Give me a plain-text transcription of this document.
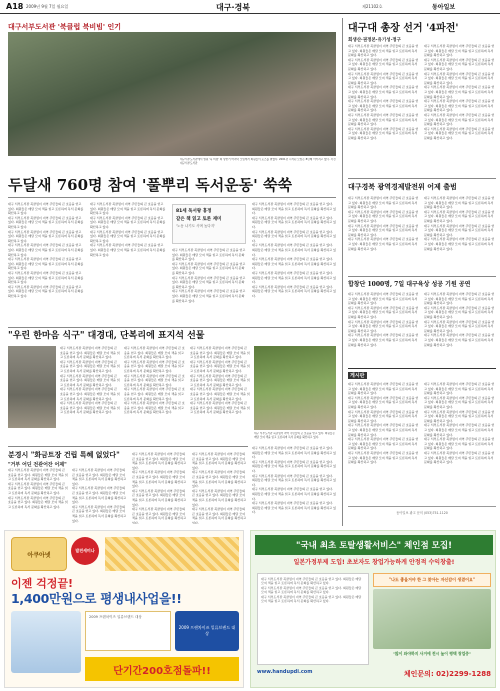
A18 2009년 9월 7일 월요일	대구·경북	제21102호	동아일보
대구서부도서관 '북클럽 북비빔' 인기
대구서부도서관에서 열린 '북 비빔' 회 상반기 마지막 모임에서 회원들이 포즈를 취했다. 2001년 시작된 모임은 8년째 이어지고 있다. 사진 대구서부도서관
두달새 760명 참여 '풀뿌리 독서운동' 쑥쑥
대구 서부도서관 북클럽이 지역 주민들의 큰 호응을 얻고 있다. 회원들은 매달 모여 책을 읽고 토론하며 독서 문화를 확산하고 있다.
대구 서부도서관 북클럽이 지역 주민들의 큰 호응을 얻고 있다. 회원들은 매달 모여 책을 읽고 토론하며 독서 문화를 확산하고 있다.
대구 서부도서관 북클럽이 지역 주민들의 큰 호응을 얻고 있다. 회원들은 매달 모여 책을 읽고 토론하며 독서 문화를 확산하고 있다.
대구 서부도서관 북클럽이 지역 주민들의 큰 호응을 얻고 있다. 회원들은 매달 모여 책을 읽고 토론하며 독서 문화를 확산하고 있다.
대구 서부도서관 북클럽이 지역 주민들의 큰 호응을 얻고 있다. 회원들은 매달 모여 책을 읽고 토론하며 독서 문화를 확산하고 있다.
대구 서부도서관 북클럽이 지역 주민들의 큰 호응을 얻고 있다. 회원들은 매달 모여 책을 읽고 토론하며 독서 문화를 확산하고 있다.
대구 서부도서관 북클럽이 지역 주민들의 큰 호응을 얻고 있다. 회원들은 매달 모여 책을 읽고 토론하며 독서 문화를 확산하고 있다.
대구 서부도서관 북클럽이 지역 주민들의 큰 호응을 얻고 있다. 회원들은 매달 모여 책을 읽고 토론하며 독서 문화를 확산하고 있다.
대구 서부도서관 북클럽이 지역 주민들의 큰 호응을 얻고 있다. 회원들은 매달 모여 책을 읽고 토론하며 독서 문화를 확산하고 있다.
대구 서부도서관 북클럽이 지역 주민들의 큰 호응을 얻고 있다. 회원들은 매달 모여 책을 읽고 토론하며 독서 문화를 확산하고 있다.
대구 서부도서관 북클럽이 지역 주민들의 큰 호응을 얻고 있다. 회원들은 매달 모여 책을 읽고 토론하며 독서 문화를 확산하고 있다.
81세 독서왕 홍정
같은 책 읽고 토론 재미
'노동 나기도 사며 높다지'
대구 서부도서관 북클럽이 지역 주민들의 큰 호응을 얻고 있다. 회원들은 매달 모여 책을 읽고 토론하며 독서 문화를 확산하고 있다.
대구 서부도서관 북클럽이 지역 주민들의 큰 호응을 얻고 있다. 회원들은 매달 모여 책을 읽고 토론하며 독서 문화를 확산하고 있다.
대구 서부도서관 북클럽이 지역 주민들의 큰 호응을 얻고 있다. 회원들은 매달 모여 책을 읽고 토론하며 독서 문화를 확산하고 있다.
대구 서부도서관 북클럽이 지역 주민들의 큰 호응을 얻고 있다. 회원들은 매달 모여 책을 읽고 토론하며 독서 문화를 확산하고 있다.
대구 서부도서관 북클럽이 지역 주민들의 큰 호응을 얻고 있다. 회원들은 매달 모여 책을 읽고 토론하며 독서 문화를 확산하고 있다.
대구 서부도서관 북클럽이 지역 주민들의 큰 호응을 얻고 있다. 회원들은 매달 모여 책을 읽고 토론하며 독서 문화를 확산하고 있다.
대구 서부도서관 북클럽이 지역 주민들의 큰 호응을 얻고 있다. 회원들은 매달 모여 책을 읽고 토론하며 독서 문화를 확산하고 있다.
대구 서부도서관 북클럽이 지역 주민들의 큰 호응을 얻고 있다. 회원들은 매달 모여 책을 읽고 토론하며 독서 문화를 확산하고 있다.
대구 서부도서관 북클럽이 지역 주민들의 큰 호응을 얻고 있다. 회원들은 매달 모여 책을 읽고 토론하며 독서 문화를 확산하고 있다.
대구 서부도서관 북클럽이 지역 주민들의 큰 호응을 얻고 있다. 회원들은 매달 모여 책을 읽고 토론하며 독서 문화를 확산하고 있다.
대구 서부도서관 북클럽이 지역 주민들의 큰 호응을 얻고 있다. 회원들은 매달 모여 책을 읽고 토론하며 독서 문화를 확산하고 있다.
"우린 한마음 식구" 대경대, 단복리에 표지석 선물
대구 서부도서관 북클럽이 지역 주민들의 큰 호응을 얻고 있다. 회원들은 매달 모여 책을 읽고 토론하며 독서 문화를 확산하고 있다.
대구 서부도서관 북클럽이 지역 주민들의 큰 호응을 얻고 있다. 회원들은 매달 모여 책을 읽고 토론하며 독서 문화를 확산하고 있다.
대구 서부도서관 북클럽이 지역 주민들의 큰 호응을 얻고 있다. 회원들은 매달 모여 책을 읽고 토론하며 독서 문화를 확산하고 있다.
대구 서부도서관 북클럽이 지역 주민들의 큰 호응을 얻고 있다. 회원들은 매달 모여 책을 읽고 토론하며 독서 문화를 확산하고 있다.
대구 서부도서관 북클럽이 지역 주민들의 큰 호응을 얻고 있다. 회원들은 매달 모여 책을 읽고 토론하며 독서 문화를 확산하고 있다.
대구 서부도서관 북클럽이 지역 주민들의 큰 호응을 얻고 있다. 회원들은 매달 모여 책을 읽고 토론하며 독서 문화를 확산하고 있다.
대구 서부도서관 북클럽이 지역 주민들의 큰 호응을 얻고 있다. 회원들은 매달 모여 책을 읽고 토론하며 독서 문화를 확산하고 있다.
대구 서부도서관 북클럽이 지역 주민들의 큰 호응을 얻고 있다. 회원들은 매달 모여 책을 읽고 토론하며 독서 문화를 확산하고 있다.
대구 서부도서관 북클럽이 지역 주민들의 큰 호응을 얻고 있다. 회원들은 매달 모여 책을 읽고 토론하며 독서 문화를 확산하고 있다.
대구 서부도서관 북클럽이 지역 주민들의 큰 호응을 얻고 있다. 회원들은 매달 모여 책을 읽고 토론하며 독서 문화를 확산하고 있다.
대구 서부도서관 북클럽이 지역 주민들의 큰 호응을 얻고 있다. 회원들은 매달 모여 책을 읽고 토론하며 독서 문화를 확산하고 있다.
대구 서부도서관 북클럽이 지역 주민들의 큰 호응을 얻고 있다. 회원들은 매달 모여 책을 읽고 토론하며 독서 문화를 확산하고 있다.
대구 서부도서관 북클럽이 지역 주민들의 큰 호응을 얻고 있다. 회원들은 매달 모여 책을 읽고 토론하며 독서 문화를 확산하고 있다.
대구 서부도서관 북클럽이 지역 주민들의 큰 호응을 얻고 있다. 회원들은 매달 모여 책을 읽고 토론하며 독서 문화를 확산하고 있다.
대구 서부도서관 북클럽이 지역 주민들의 큰 호응을 얻고 있다. 회원들은 매달 모여 책을 읽고 토론하며 독서 문화를 확산하고 있다.
대구 서부도서관 북클럽이 지역 주민들의 큰 호응을 얻고 있다. 회원들은 매달 모여 책을 읽고 토론하며 독서 문화를 확산하고 있다.
분경시 "화금트장 건립 특혜 없었다"
"거부 어딘 전관어잔 어제"
대구 서부도서관 북클럽이 지역 주민들의 큰 호응을 얻고 있다. 회원들은 매달 모여 책을 읽고 토론하며 독서 문화를 확산하고 있다.
대구 서부도서관 북클럽이 지역 주민들의 큰 호응을 얻고 있다. 회원들은 매달 모여 책을 읽고 토론하며 독서 문화를 확산하고 있다.
대구 서부도서관 북클럽이 지역 주민들의 큰 호응을 얻고 있다. 회원들은 매달 모여 책을 읽고 토론하며 독서 문화를 확산하고 있다.
대구 서부도서관 북클럽이 지역 주민들의 큰 호응을 얻고 있다. 회원들은 매달 모여 책을 읽고 토론하며 독서 문화를 확산하고 있다.
대구 서부도서관 북클럽이 지역 주민들의 큰 호응을 얻고 있다. 회원들은 매달 모여 책을 읽고 토론하며 독서 문화를 확산하고 있다.
대구 서부도서관 북클럽이 지역 주민들의 큰 호응을 얻고 있다. 회원들은 매달 모여 책을 읽고 토론하며 독서 문화를 확산하고 있다.
대구 서부도서관 북클럽이 지역 주민들의 큰 호응을 얻고 있다. 회원들은 매달 모여 책을 읽고 토론하며 독서 문화를 확산하고 있다.
대구 서부도서관 북클럽이 지역 주민들의 큰 호응을 얻고 있다. 회원들은 매달 모여 책을 읽고 토론하며 독서 문화를 확산하고 있다.
대구 서부도서관 북클럽이 지역 주민들의 큰 호응을 얻고 있다. 회원들은 매달 모여 책을 읽고 토론하며 독서 문화를 확산하고 있다.
대구 서부도서관 북클럽이 지역 주민들의 큰 호응을 얻고 있다. 회원들은 매달 모여 책을 읽고 토론하며 독서 문화를 확산하고 있다.
대구 서부도서관 북클럽이 지역 주민들의 큰 호응을 얻고 있다. 회원들은 매달 모여 책을 읽고 토론하며 독서 문화를 확산하고 있다.
대구 서부도서관 북클럽이 지역 주민들의 큰 호응을 얻고 있다. 회원들은 매달 모여 책을 읽고 토론하며 독서 문화를 확산하고 있다.
대구 서부도서관 북클럽이 지역 주민들의 큰 호응을 얻고 있다. 회원들은 매달 모여 책을 읽고 토론하며 독서 문화를 확산하고 있다.
대구 서부도서관 북클럽이 지역 주민들의 큰 호응을 얻고 있다. 회원들은 매달 모여 책을 읽고 토론하며 독서 문화를 확산하고 있다.
대구 서부도서관 북클럽이 지역 주민들의 큰 호응을 얻고 있다. 회원들은 매달 모여 책을 읽고 토론하며 독서 문화를 확산하고 있다.
대구 서부도서관 북클럽이 지역 주민들의 큰 호응을 얻고 있다. 회원들은 매달 모여 책을 읽고 토론하며 독서 문화를 확산하고 있다.
대구 서부도서관 북클럽이 지역 주민들의 큰 호응을 얻고 있다. 회원들은 매달 모여 책을 읽고 토론하며 독서 문화를 확산하고 있다.
대구 서부도서관 북클럽이 지역 주민들의 큰 호응을 얻고 있다. 회원들은 매달 모여 책을 읽고 토론하며 독서 문화를 확산하고 있다.
대구 서부도서관 북클럽이 지역 주민들의 큰 호응을 얻고 있다. 회원들은 매달 모여 책을 읽고 토론하며 독서 문화를 확산하고 있다.
대구대 총장 선거 '4파전'
회생산·권정본·유기성·정구
대구 서부도서관 북클럽이 지역 주민들의 큰 호응을 얻고 있다. 회원들은 매달 모여 책을 읽고 토론하며 독서 문화를 확산하고 있다.
대구 서부도서관 북클럽이 지역 주민들의 큰 호응을 얻고 있다. 회원들은 매달 모여 책을 읽고 토론하며 독서 문화를 확산하고 있다.
대구 서부도서관 북클럽이 지역 주민들의 큰 호응을 얻고 있다. 회원들은 매달 모여 책을 읽고 토론하며 독서 문화를 확산하고 있다.
대구 서부도서관 북클럽이 지역 주민들의 큰 호응을 얻고 있다. 회원들은 매달 모여 책을 읽고 토론하며 독서 문화를 확산하고 있다.
대구 서부도서관 북클럽이 지역 주민들의 큰 호응을 얻고 있다. 회원들은 매달 모여 책을 읽고 토론하며 독서 문화를 확산하고 있다.
대구 서부도서관 북클럽이 지역 주민들의 큰 호응을 얻고 있다. 회원들은 매달 모여 책을 읽고 토론하며 독서 문화를 확산하고 있다.
대구 서부도서관 북클럽이 지역 주민들의 큰 호응을 얻고 있다. 회원들은 매달 모여 책을 읽고 토론하며 독서 문화를 확산하고 있다.
대구 서부도서관 북클럽이 지역 주민들의 큰 호응을 얻고 있다. 회원들은 매달 모여 책을 읽고 토론하며 독서 문화를 확산하고 있다.
대구 서부도서관 북클럽이 지역 주민들의 큰 호응을 얻고 있다. 회원들은 매달 모여 책을 읽고 토론하며 독서 문화를 확산하고 있다.
대구 서부도서관 북클럽이 지역 주민들의 큰 호응을 얻고 있다. 회원들은 매달 모여 책을 읽고 토론하며 독서 문화를 확산하고 있다.
대구 서부도서관 북클럽이 지역 주민들의 큰 호응을 얻고 있다. 회원들은 매달 모여 책을 읽고 토론하며 독서 문화를 확산하고 있다.
대구 서부도서관 북클럽이 지역 주민들의 큰 호응을 얻고 있다. 회원들은 매달 모여 책을 읽고 토론하며 독서 문화를 확산하고 있다.
대구 서부도서관 북클럽이 지역 주민들의 큰 호응을 얻고 있다. 회원들은 매달 모여 책을 읽고 토론하며 독서 문화를 확산하고 있다.
대구 서부도서관 북클럽이 지역 주민들의 큰 호응을 얻고 있다. 회원들은 매달 모여 책을 읽고 토론하며 독서 문화를 확산하고 있다.
대구경북 광역경제발전위 어제 출범
대구 서부도서관 북클럽이 지역 주민들의 큰 호응을 얻고 있다. 회원들은 매달 모여 책을 읽고 토론하며 독서 문화를 확산하고 있다.
대구 서부도서관 북클럽이 지역 주민들의 큰 호응을 얻고 있다. 회원들은 매달 모여 책을 읽고 토론하며 독서 문화를 확산하고 있다.
대구 서부도서관 북클럽이 지역 주민들의 큰 호응을 얻고 있다. 회원들은 매달 모여 책을 읽고 토론하며 독서 문화를 확산하고 있다.
대구 서부도서관 북클럽이 지역 주민들의 큰 호응을 얻고 있다. 회원들은 매달 모여 책을 읽고 토론하며 독서 문화를 확산하고 있다.
대구 서부도서관 북클럽이 지역 주민들의 큰 호응을 얻고 있다. 회원들은 매달 모여 책을 읽고 토론하며 독서 문화를 확산하고 있다.
대구 서부도서관 북클럽이 지역 주민들의 큰 호응을 얻고 있다. 회원들은 매달 모여 책을 읽고 토론하며 독서 문화를 확산하고 있다.
대구 서부도서관 북클럽이 지역 주민들의 큰 호응을 얻고 있다. 회원들은 매달 모여 책을 읽고 토론하며 독서 문화를 확산하고 있다.
대구 서부도서관 북클럽이 지역 주민들의 큰 호응을 얻고 있다. 회원들은 매달 모여 책을 읽고 토론하며 독서 문화를 확산하고 있다.
합창단 1000명, 7일 대구육상 성공 기원 공연
대구 서부도서관 북클럽이 지역 주민들의 큰 호응을 얻고 있다. 회원들은 매달 모여 책을 읽고 토론하며 독서 문화를 확산하고 있다.
대구 서부도서관 북클럽이 지역 주민들의 큰 호응을 얻고 있다. 회원들은 매달 모여 책을 읽고 토론하며 독서 문화를 확산하고 있다.
대구 서부도서관 북클럽이 지역 주민들의 큰 호응을 얻고 있다. 회원들은 매달 모여 책을 읽고 토론하며 독서 문화를 확산하고 있다.
대구 서부도서관 북클럽이 지역 주민들의 큰 호응을 얻고 있다. 회원들은 매달 모여 책을 읽고 토론하며 독서 문화를 확산하고 있다.
대구 서부도서관 북클럽이 지역 주민들의 큰 호응을 얻고 있다. 회원들은 매달 모여 책을 읽고 토론하며 독서 문화를 확산하고 있다.
대구 서부도서관 북클럽이 지역 주민들의 큰 호응을 얻고 있다. 회원들은 매달 모여 책을 읽고 토론하며 독서 문화를 확산하고 있다.
대구 서부도서관 북클럽이 지역 주민들의 큰 호응을 얻고 있다. 회원들은 매달 모여 책을 읽고 토론하며 독서 문화를 확산하고 있다.
대구 서부도서관 북클럽이 지역 주민들의 큰 호응을 얻고 있다. 회원들은 매달 모여 책을 읽고 토론하며 독서 문화를 확산하고 있다.
게시판
대구 서부도서관 북클럽이 지역 주민들의 큰 호응을 얻고 있다. 회원들은 매달 모여 책을 읽고 토론하며 독서 문화를 확산하고 있다.
대구 서부도서관 북클럽이 지역 주민들의 큰 호응을 얻고 있다. 회원들은 매달 모여 책을 읽고 토론하며 독서 문화를 확산하고 있다.
대구 서부도서관 북클럽이 지역 주민들의 큰 호응을 얻고 있다. 회원들은 매달 모여 책을 읽고 토론하며 독서 문화를 확산하고 있다.
대구 서부도서관 북클럽이 지역 주민들의 큰 호응을 얻고 있다. 회원들은 매달 모여 책을 읽고 토론하며 독서 문화를 확산하고 있다.
대구 서부도서관 북클럽이 지역 주민들의 큰 호응을 얻고 있다. 회원들은 매달 모여 책을 읽고 토론하며 독서 문화를 확산하고 있다.
대구 서부도서관 북클럽이 지역 주민들의 큰 호응을 얻고 있다. 회원들은 매달 모여 책을 읽고 토론하며 독서 문화를 확산하고 있다.
대구 서부도서관 북클럽이 지역 주민들의 큰 호응을 얻고 있다. 회원들은 매달 모여 책을 읽고 토론하며 독서 문화를 확산하고 있다.
대구 서부도서관 북클럽이 지역 주민들의 큰 호응을 얻고 있다. 회원들은 매달 모여 책을 읽고 토론하며 독서 문화를 확산하고 있다.
대구 서부도서관 북클럽이 지역 주민들의 큰 호응을 얻고 있다. 회원들은 매달 모여 책을 읽고 토론하며 독서 문화를 확산하고 있다.
대구 서부도서관 북클럽이 지역 주민들의 큰 호응을 얻고 있다. 회원들은 매달 모여 책을 읽고 토론하며 독서 문화를 확산하고 있다.
대구 서부도서관 북클럽이 지역 주민들의 큰 호응을 얻고 있다. 회원들은 매달 모여 책을 읽고 토론하며 독서 문화를 확산하고 있다.
대구 서부도서관 북클럽이 지역 주민들의 큰 호응을 얻고 있다. 회원들은 매달 모여 책을 읽고 토론하며 독서 문화를 확산하고 있다.
동아일보 광고 문의 (053)751-1120
아쿠아넷
발전세미나
이젠 걱정끝!
1,400만원으로 평생내사업을!!
2009 프랜차이즈 일류브랜드 대상
2009 프랜차이즈 일류브랜드 대상
단기간200호점돌파!!
"국내 최초 토탈생활서비스" 체인점 모집!
일본가정부제 도입! 초보자도 창업가능하게 안정적 수익창출!
대구 서부도서관 북클럽이 지역 주민들의 큰 호응을 얻고 있다. 회원들은 매달 모여 책을 읽고 토론하며 독서 문화를 확산하고 있다.
대구 서부도서관 북클럽이 지역 주민들의 큰 호응을 얻고 있다. 회원들은 매달 모여 책을 읽고 토론하며 독서 문화를 확산하고 있다.
대구 서부도서관 북클럽이 지역 주민들의 큰 호응을 얻고 있다. 회원들은 매달 모여 책을 읽고 토론하며 독서 문화를 확산하고 있다.
"나도 좋을거야 한 그 찾아는 자신감이 생겼어요"
"많이 와야하지 사거에 전시 높이 평택 창업중"
www.handupdi.com	체인문의: 02)2299-1288
